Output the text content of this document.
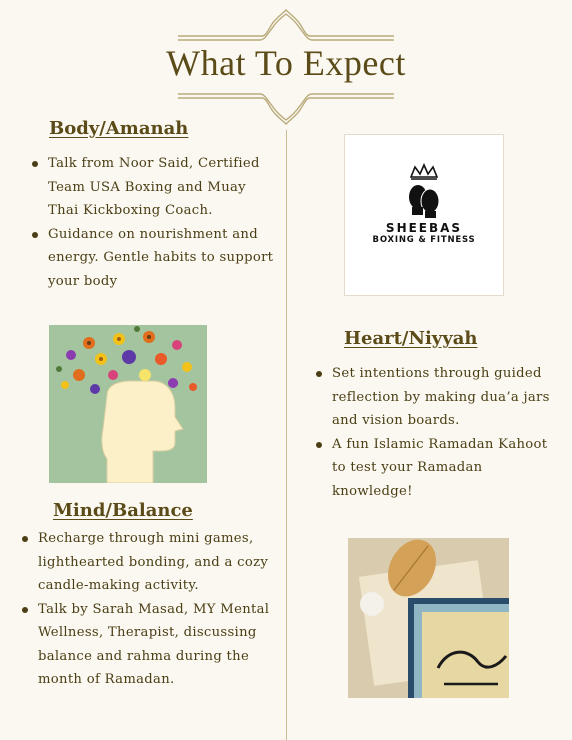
What To Expect
Body/Amanah
Talk from Noor Said, Certified Team USA Boxing and Muay Thai Kickboxing Coach.
Guidance on nourishment and energy. Gentle habits to support your body
Mind/Balance
Recharge through mini games, lighthearted bonding, and a cozy candle-making activity.
Talk by Sarah Masad, MY Mental Wellness, Therapist, discussing balance and rahma during the month of Ramadan.
SHEEBAS
BOXING & FITNESS
Heart/Niyyah
Set intentions through guided reflection by making dua’a jars and vision boards.
A fun Islamic Ramadan Kahoot to test your Ramadan knowledge!
